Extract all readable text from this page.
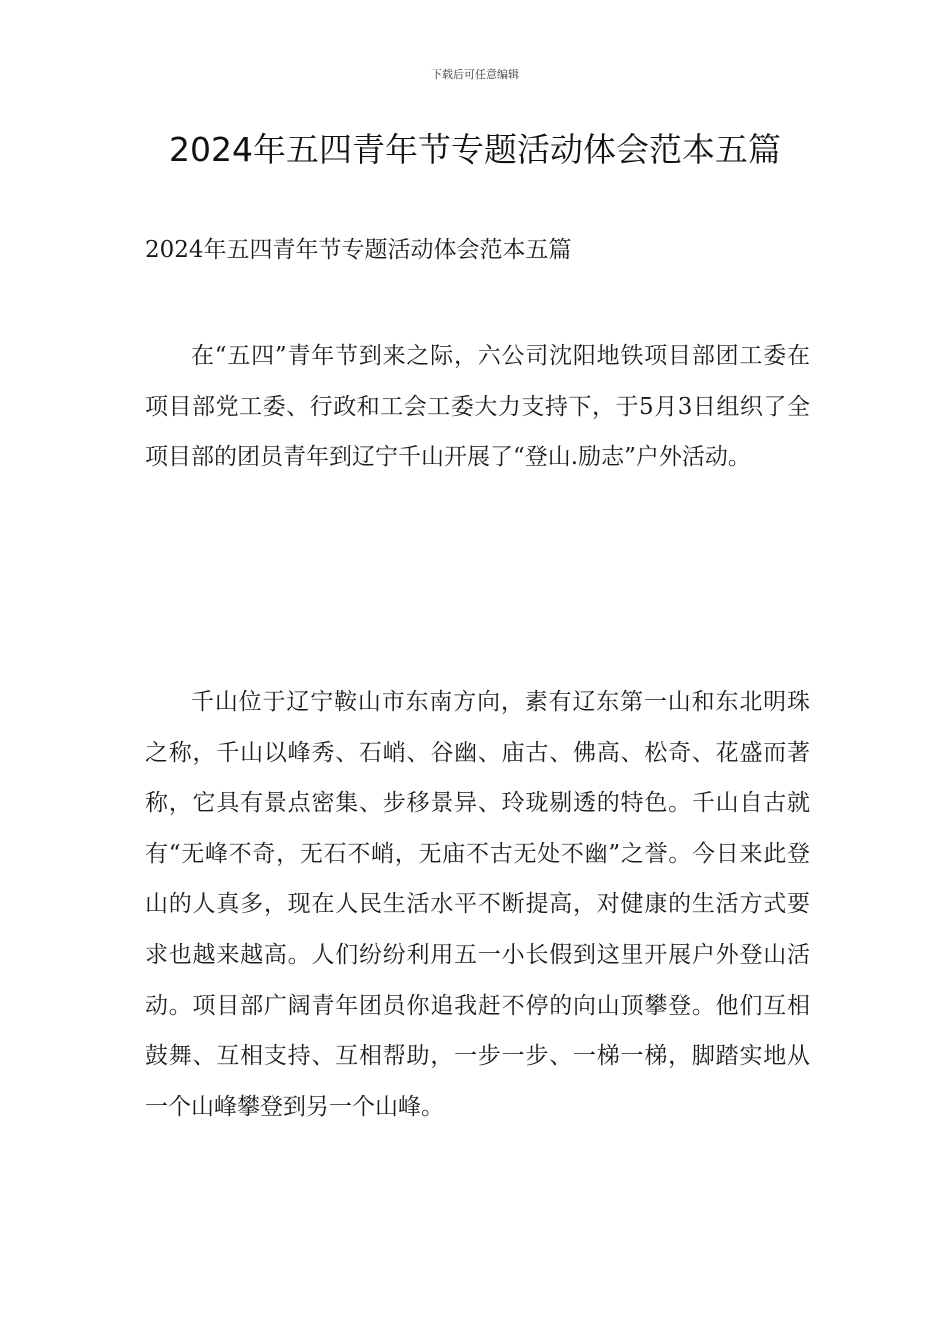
下载后可任意编辑
2024年五四青年节专题活动体会范本五篇

2024年五四青年节专题活动体会范本五篇

在“五四”青年节到来之际，六公司沈阳地铁项目部团工委在项目部党工委、行政和工会工委大力支持下，于5月3日组织了全项目部的团员青年到辽宁千山开展了“登山.励志”户外活动。

千山位于辽宁鞍山市东南方向，素有辽东第一山和东北明珠之称，千山以峰秀、石峭、谷幽、庙古、佛高、松奇、花盛而著称，它具有景点密集、步移景异、玲珑剔透的特色。千山自古就有“无峰不奇，无石不峭，无庙不古无处不幽”之誉。今日来此登山的人真多，现在人民生活水平不断提高，对健康的生活方式要求也越来越高。人们纷纷利用五一小长假到这里开展户外登山活动。项目部广阔青年团员你追我赶不停的向山顶攀登。他们互相鼓舞、互相支持、互相帮助，一步一步、一梯一梯，脚踏实地从一个山峰攀登到另一个山峰。
